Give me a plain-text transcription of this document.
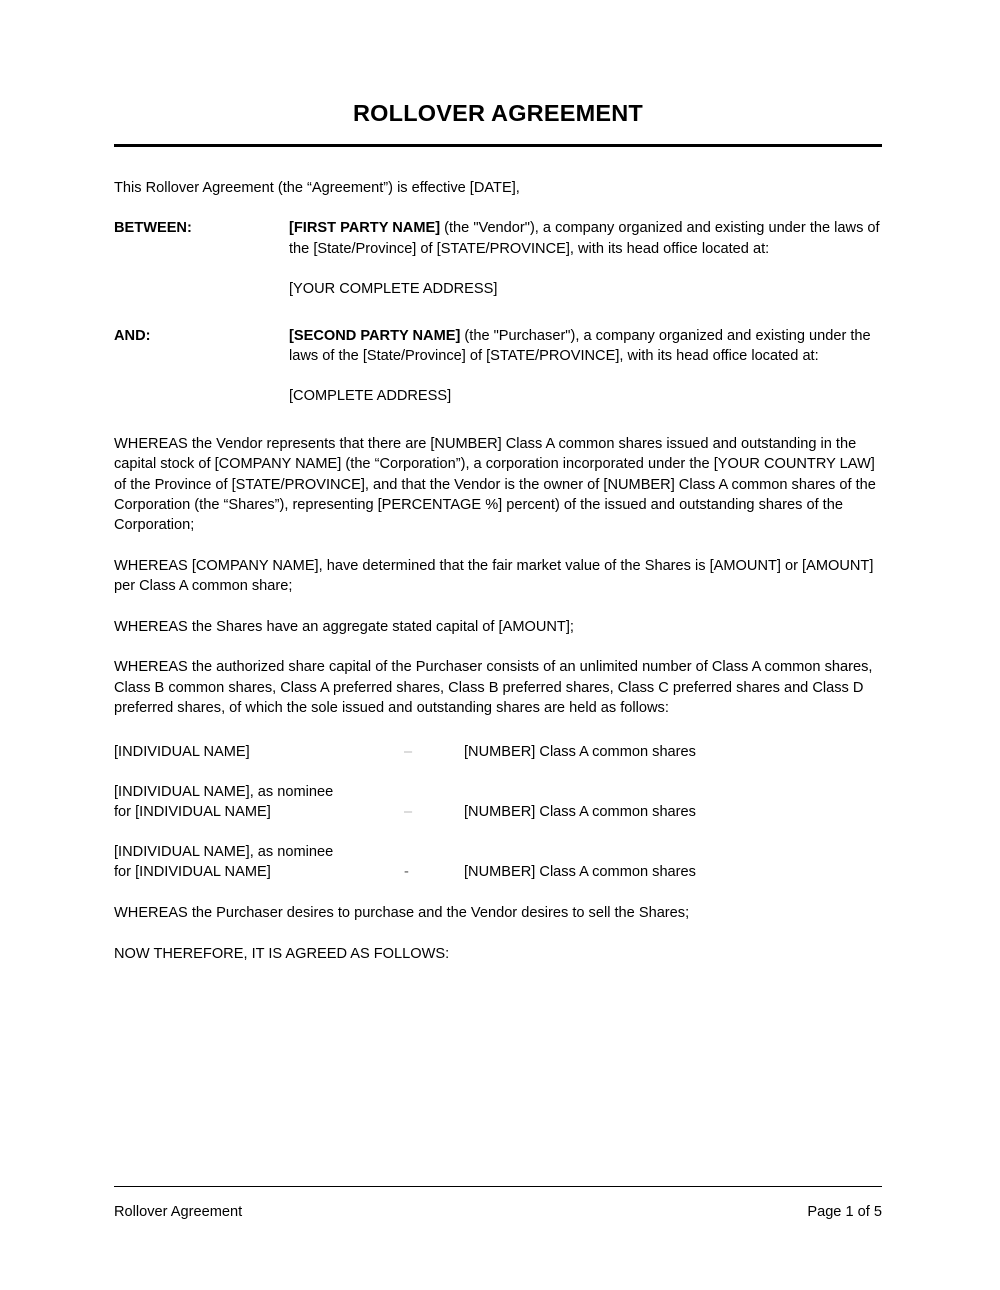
ROLLOVER AGREEMENT

This Rollover Agreement (the “Agreement”) is effective [DATE],

BETWEEN:	[FIRST PARTY NAME] (the "Vendor"), a company organized and existing under the laws of the [State/Province] of [STATE/PROVINCE], with its head office located at:
[YOUR COMPLETE ADDRESS]
AND:	[SECOND PARTY NAME] (the "Purchaser"), a company organized and existing under the laws of the [State/Province] of [STATE/PROVINCE], with its head office located at:
[COMPLETE ADDRESS]

WHEREAS the Vendor represents that there are [NUMBER] Class A common shares issued and outstanding in the capital stock of [COMPANY NAME] (the “Corporation”), a corporation incorporated under the [YOUR COUNTRY LAW] of the Province of [STATE/PROVINCE], and that the Vendor is the owner of [NUMBER] Class A common shares of the Corporation (the “Shares”), representing [PERCENTAGE %] percent) of the issued and outstanding shares of the Corporation;

WHEREAS [COMPANY NAME], have determined that the fair market value of the Shares is [AMOUNT] or [AMOUNT] per Class A common share;

WHEREAS the Shares have an aggregate stated capital of [AMOUNT];

WHEREAS the authorized share capital of the Purchaser consists of an unlimited number of Class A common shares, Class B common shares, Class A preferred shares, Class B preferred shares, Class C preferred shares and Class D preferred shares, of which the sole issued and outstanding shares are held as follows:

[INDIVIDUAL NAME]	–	[NUMBER] Class A common shares

[INDIVIDUAL NAME], as nominee
for [INDIVIDUAL NAME]	–	[NUMBER] Class A common shares

[INDIVIDUAL NAME], as nominee
for [INDIVIDUAL NAME]	-	[NUMBER] Class A common shares

WHEREAS the Purchaser desires to purchase and the Vendor desires to sell the Shares;

NOW THEREFORE, IT IS AGREED AS FOLLOWS:

Rollover Agreement	Page 1 of 5
